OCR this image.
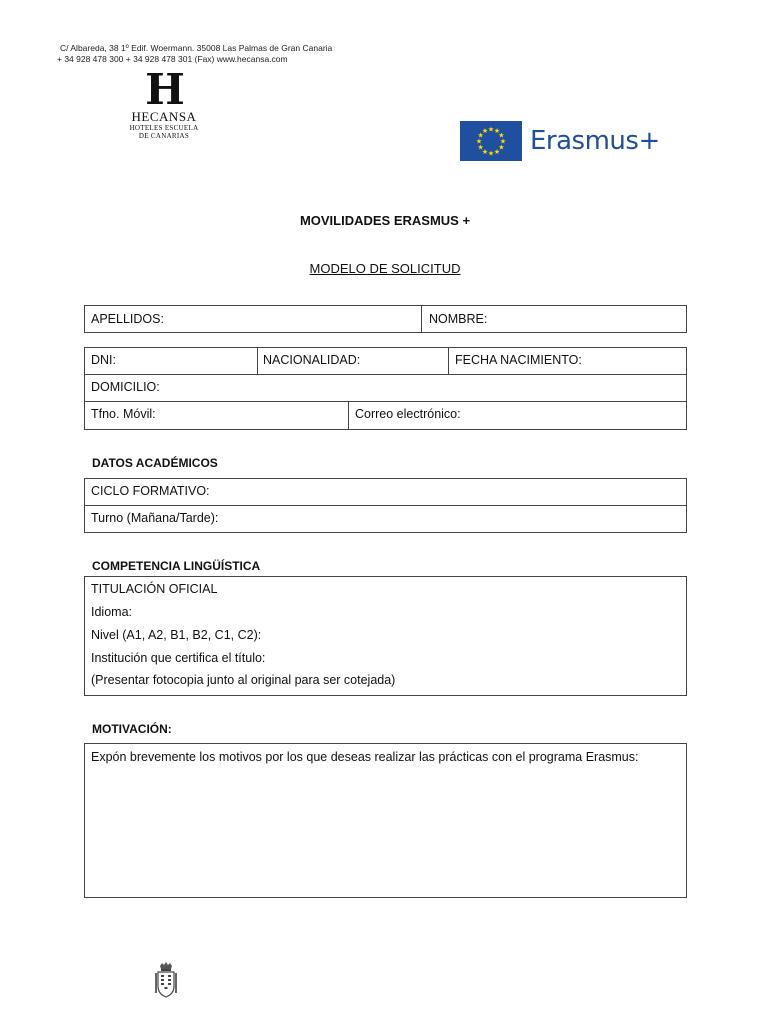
C/ Albareda, 38 1º Edif. Woermann. 35008 Las Palmas de Gran Canaria
+ 34 928 478 300 + 34 928 478 301 (Fax) www.hecansa.com
H
HECANSA
HOTELES ESCUELA
DE CANARIAS
★ ★
★
★
★
★
★
★
★
★
★
★ Erasmus+
MOVILIDADES ERASMUS +
MODELO DE SOLICITUD
APELLIDOS:	NOMBRE:
DNI:	NACIONALIDAD:	FECHA NACIMIENTO:
DOMICILIO:
Tfno. Móvil:	Correo electrónico:
DATOS ACADÉMICOS
CICLO FORMATIVO:
Turno (Mañana/Tarde):
COMPETENCIA LINGÜÍSTICA
TITULACIÓN OFICIAL
Idioma:
Nivel (A1, A2, B1, B2, C1, C2):
Institución que certifica el título:
(Presentar fotocopia junto al original para ser cotejada)
MOTIVACIÓN:
Expón brevemente los motivos por los que deseas realizar las prácticas con el programa Erasmus:
